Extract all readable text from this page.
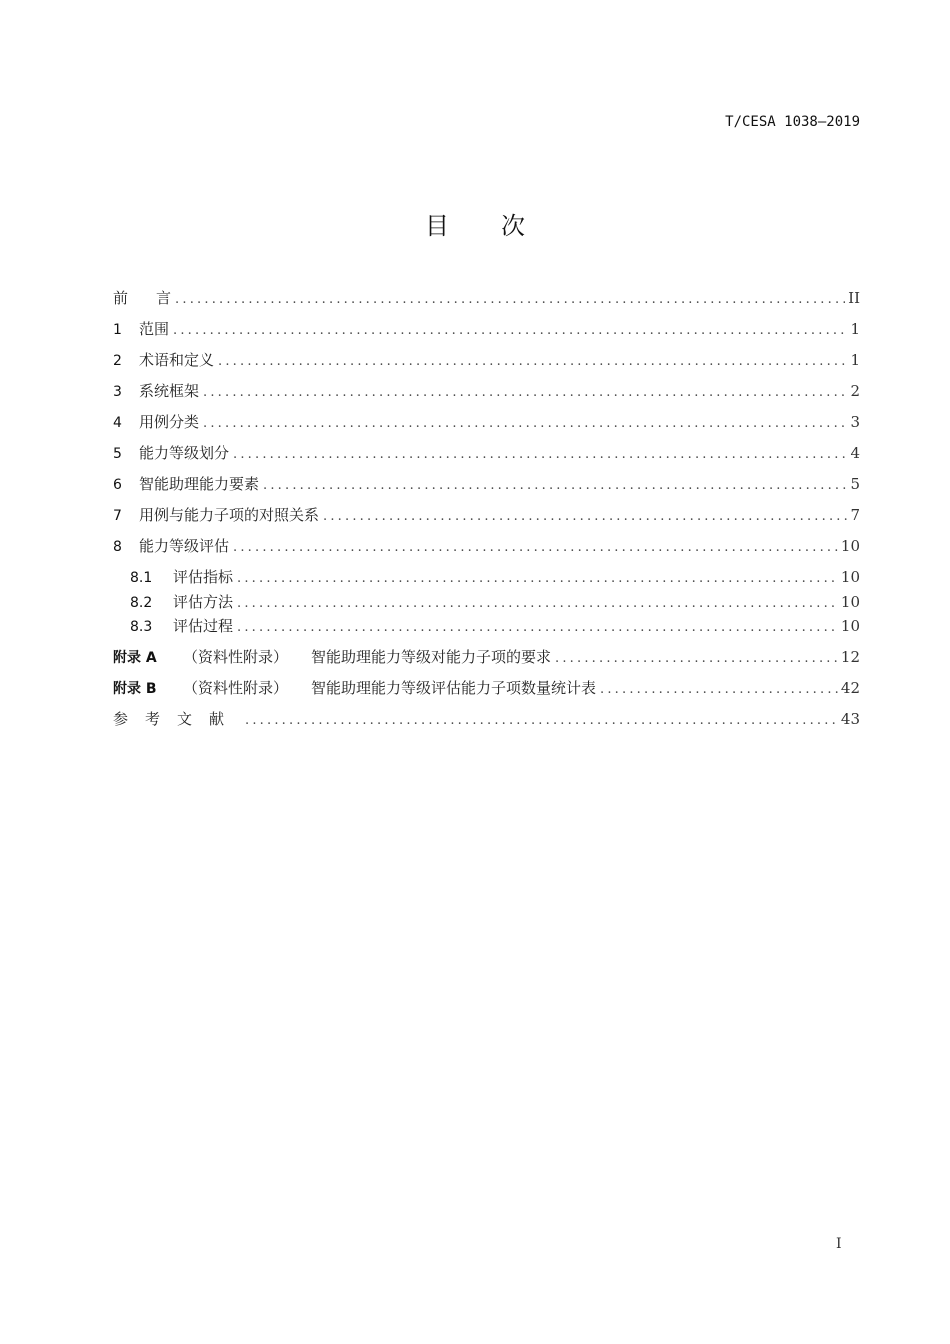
T/CESA 1038—2019
目 次
前 言 .....	II
1	范围 .....	1
2	术语和定义 .....	1
3	系统框架 .....	2
4	用例分类 .....	3
5	能力等级划分 .....	4
6	智能助理能力要素 .....	5
7	用例与能力子项的对照关系 .....	7
8	能力等级评估 .....	10
8.1	评估指标 .....	10
8.2	评估方法 .....	10
8.3	评估过程 .....	10
附录 A	（资料性附录）	智能助理能力等级对能力子项的要求 .....	12
附录 B	（资料性附录）	智能助理能力等级评估能力子项数量统计表 .....	42
参考文献 .....	43
I
